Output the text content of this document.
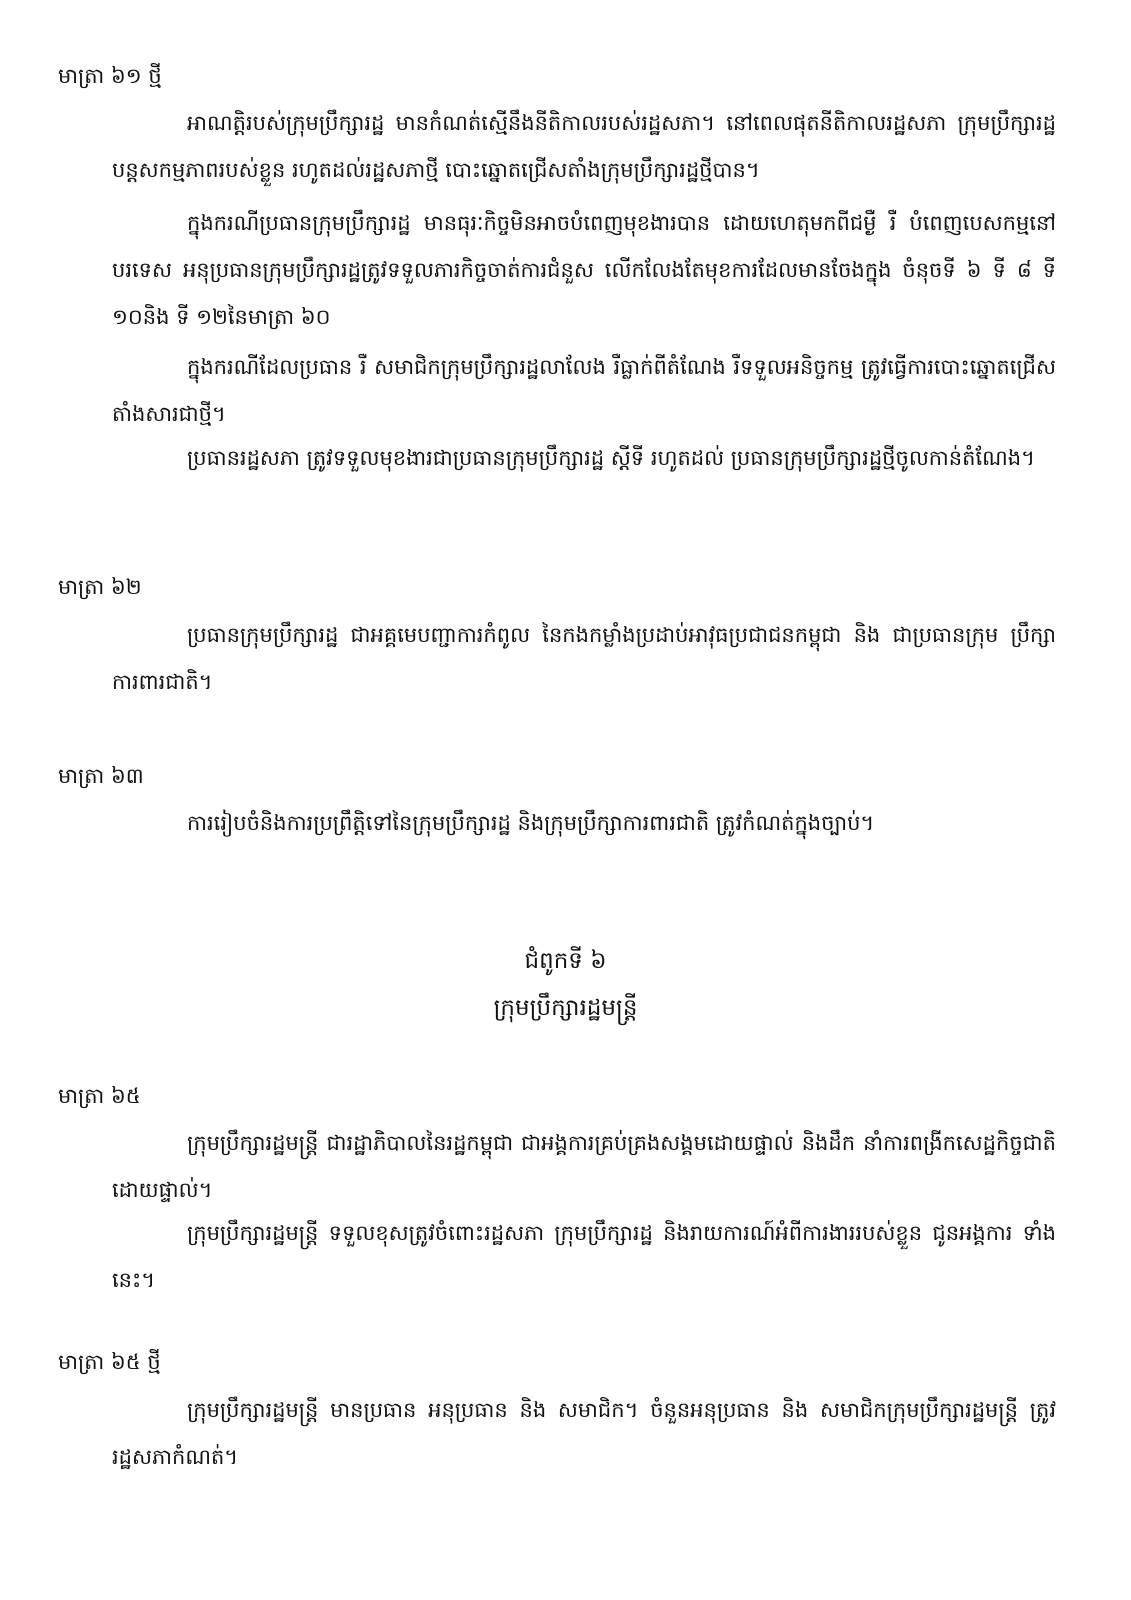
មាត្រា ៦១ ថ្មី
អាណត្តិរបស់ក្រុមប្រឹក្សារដ្ឋ មានកំណត់ស្មើនឹងនីតិកាលរបស់រដ្ឋសភា។ នៅពេលផុតនីតិកាលរដ្ឋសភា ក្រុមប្រឹក្សារដ្ឋ បន្តសកម្មភាពរបស់ខ្លួន រហូតដល់រដ្ឋសភាថ្មី បោះឆ្នោតជ្រើសតាំងក្រុមប្រឹក្សារដ្ឋថ្មីបាន។
ក្នុងករណីប្រធានក្រុមប្រឹក្សារដ្ឋ មានធុរៈកិច្ចមិនអាចបំពេញមុខងារបាន ដោយហេតុមកពីជម្ងឺ រឺ បំពេញបេសកម្មនៅបរទេស អនុប្រធានក្រុមប្រឹក្សារដ្ឋត្រូវទទួលភារកិច្ចចាត់ការជំនួស លើកលែងតែមុខការដែលមានចែងក្នុង ចំនុចទី ៦ ទី ៨ ទី ១០និង ទី ១២នៃមាត្រា ៦០
ក្នុងករណីដែលប្រធាន រឺ សមាជិកក្រុមប្រឹក្សារដ្ឋលាលែង រឺធ្លាក់ពីតំណែង រឺទទួលអនិច្ចកម្ម ត្រូវធ្វើការបោះឆ្នោតជ្រើសតាំងសារជាថ្មី។
ប្រធានរដ្ឋសភា ត្រូវទទួលមុខងារជាប្រធានក្រុមប្រឹក្សារដ្ឋ ស្ដីទី រហូតដល់ ប្រធានក្រុមប្រឹក្សារដ្ឋថ្មីចូលកាន់តំណែង។
មាត្រា ៦២
ប្រធានក្រុមប្រឹក្សារដ្ឋ ជាអគ្គមេបញ្ជាការកំពូល នៃកងកម្លាំងប្រដាប់អាវុធប្រជាជនកម្ពុជា និង ជាប្រធានក្រុម ប្រឹក្សាការពារជាតិ។
មាត្រា ៦៣
ការរៀបចំនិងការប្រព្រឹត្តិទៅនៃក្រុមប្រឹក្សារដ្ឋ និងក្រុមប្រឹក្សាការពារជាតិ ត្រូវកំណត់ក្នុងច្បាប់។
ជំពូកទី ៦
ក្រុមប្រឹក្សារដ្ឋមន្ត្រី
មាត្រា ៦៥
ក្រុមប្រឹក្សារដ្ឋមន្ត្រី ជារដ្ឋាភិបាលនៃរដ្ឋកម្ពុជា ជាអង្គការគ្រប់គ្រងសង្គមដោយផ្ទាល់ និងដឹក នាំការពង្រីកសេដ្ឋកិច្ចជាតិដោយផ្ទាល់។
ក្រុមប្រឹក្សារដ្ឋមន្ត្រី ទទួលខុសត្រូវចំពោះរដ្ឋសភា ក្រុមប្រឹក្សារដ្ឋ និងរាយការណ៍អំពីការងាររបស់ខ្លួន ជូនអង្គការ ទាំងនេះ។
មាត្រា ៦៥ ថ្មី
ក្រុមប្រឹក្សារដ្ឋមន្ត្រី មានប្រធាន អនុប្រធាន និង សមាជិក។ ចំនួនអនុប្រធាន និង សមាជិកក្រុមប្រឹក្សារដ្ឋមន្ត្រី ត្រូវរដ្ឋសភាកំណត់។
